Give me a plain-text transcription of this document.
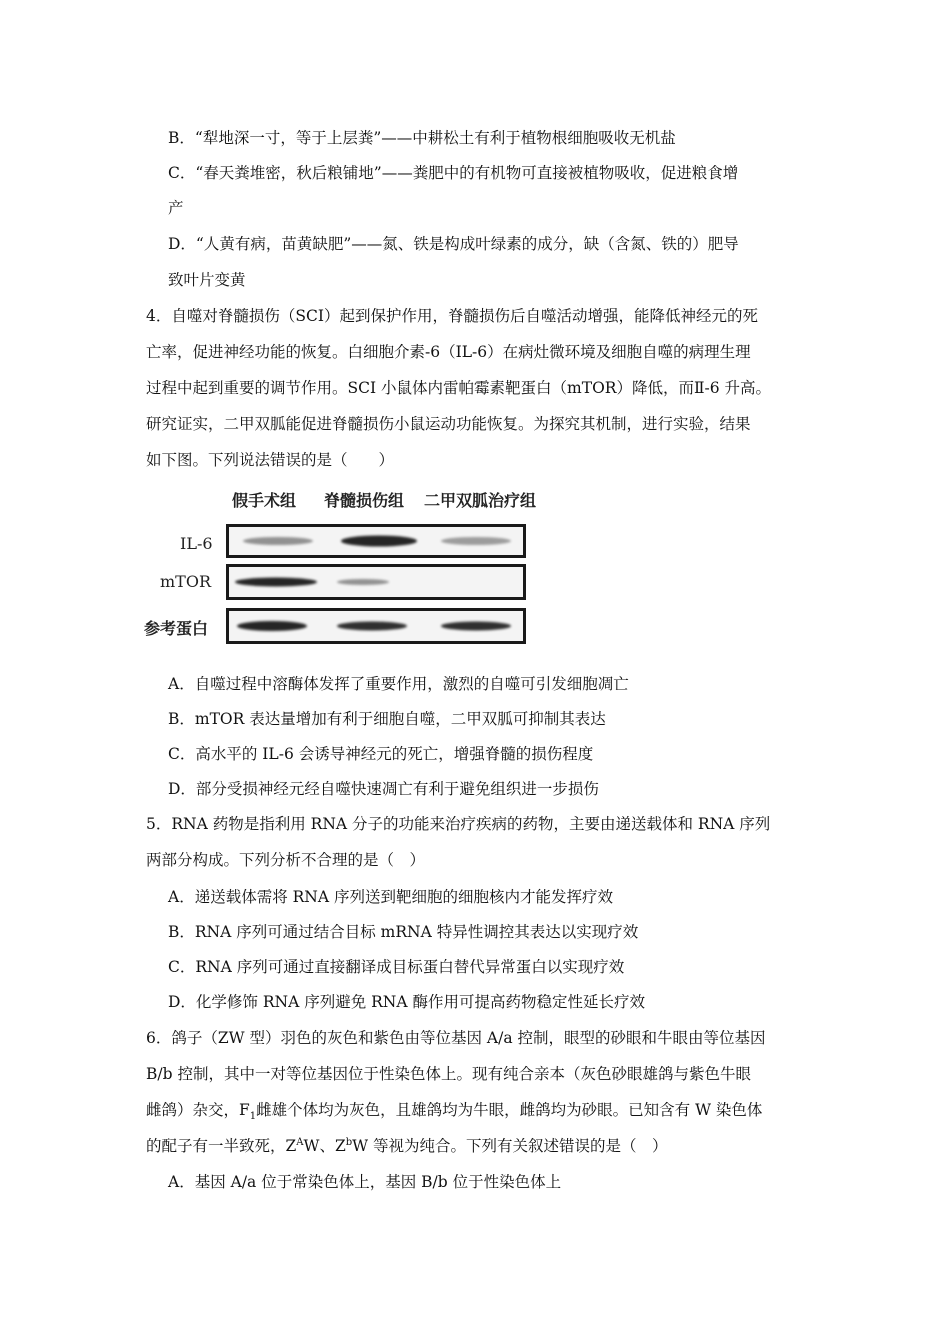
B．“犁地深一寸，等于上层粪”——中耕松土有利于植物根细胞吸收无机盐
C．“春天粪堆密，秋后粮铺地”——粪肥中的有机物可直接被植物吸收，促进粮食增
产
D．“人黄有病，苗黄缺肥”——氮、铁是构成叶绿素的成分，缺（含氮、铁的）肥导
致叶片变黄
4．自噬对脊髓损伤（SCI）起到保护作用，脊髓损伤后自噬活动增强，能降低神经元的死
亡率，促进神经功能的恢复。白细胞介素-6（IL-6）在病灶微环境及细胞自噬的病理生理
过程中起到重要的调节作用。SCI 小鼠体内雷帕霉素靶蛋白（mTOR）降低，而Ⅱ-6 升高。
研究证实，二甲双胍能促进脊髓损伤小鼠运动功能恢复。为探究其机制，进行实验，结果
如下图。下列说法错误的是（　　）
假手术组 脊髓损伤组 二甲双胍治疗组
IL-6
mTOR
参考蛋白
A．自噬过程中溶酶体发挥了重要作用，激烈的自噬可引发细胞凋亡
B．mTOR 表达量增加有利于细胞自噬，二甲双胍可抑制其表达
C．高水平的 IL-6 会诱导神经元的死亡，增强脊髓的损伤程度
D．部分受损神经元经自噬快速凋亡有利于避免组织进一步损伤
5．RNA 药物是指利用 RNA 分子的功能来治疗疾病的药物，主要由递送载体和 RNA 序列
两部分构成。下列分析不合理的是（　）
A．递送载体需将 RNA 序列送到靶细胞的细胞核内才能发挥疗效
B．RNA 序列可通过结合目标 mRNA 特异性调控其表达以实现疗效
C．RNA 序列可通过直接翻译成目标蛋白替代异常蛋白以实现疗效
D．化学修饰 RNA 序列避免 RNA 酶作用可提高药物稳定性延长疗效
6．鸽子（ZW 型）羽色的灰色和紫色由等位基因 A/a 控制，眼型的砂眼和牛眼由等位基因
B/b 控制，其中一对等位基因位于性染色体上。现有纯合亲本（灰色砂眼雄鸽与紫色牛眼
雌鸽）杂交，$F_1$雌雄个体均为灰色，且雄鸽均为牛眼，雌鸽均为砂眼。已知含有 W 染色体
的配子有一半致死，$Z^AW$、$Z^bW$ 等视为纯合。下列有关叙述错误的是（　）
A．基因 A/a 位于常染色体上，基因 B/b 位于性染色体上
